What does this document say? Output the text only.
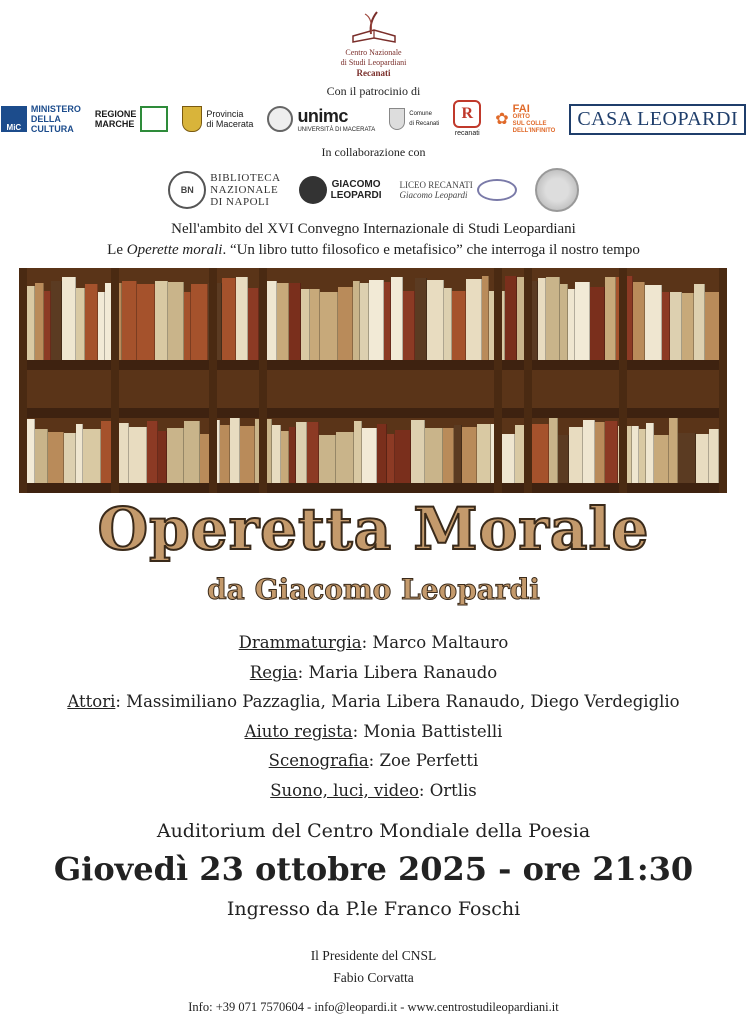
Centro Nazionale
di Studi Leopardiani
Recanati
Con il patrocinio di
MiC
MINISTERO
DELLA
CULTURA
REGIONE
MARCHE
Provincia
di Macerata unimc
UNIVERSITÀ DI MACERATA
Comune
di Recanati
R
recanati
✿
FAI
ORTO
SUL COLLE
DELL'INFINITO
CASA LEOPARDI
In collaborazione con
BN
BIBLIOTECA
NAZIONALE
DI NAPOLI
GIACOMO
LEOPARDI
LICEO RECANATI
Giacomo Leopardi
Nell'ambito del XVI Convegno Internazionale di Studi Leopardiani
Le Operette morali. “Un libro tutto filosofico e metafisico” che interroga il nostro tempo
Operetta Morale
da Giacomo Leopardi
Drammaturgia: Marco Maltauro
Regia: Maria Libera Ranaudo
Attori: Massimiliano Pazzaglia, Maria Libera Ranaudo, Diego Verdegiglio
Aiuto regista: Monia Battistelli
Scenografia: Zoe Perfetti
Suono, luci, video: Ortlis
Auditorium del Centro Mondiale della Poesia
Giovedì 23 ottobre 2025 - ore 21:30
Ingresso da P.le Franco Foschi
Il Presidente del CNSL
Fabio Corvatta
Info: +39 071 7570604 - info@leopardi.it - www.centrostudileopardiani.it
